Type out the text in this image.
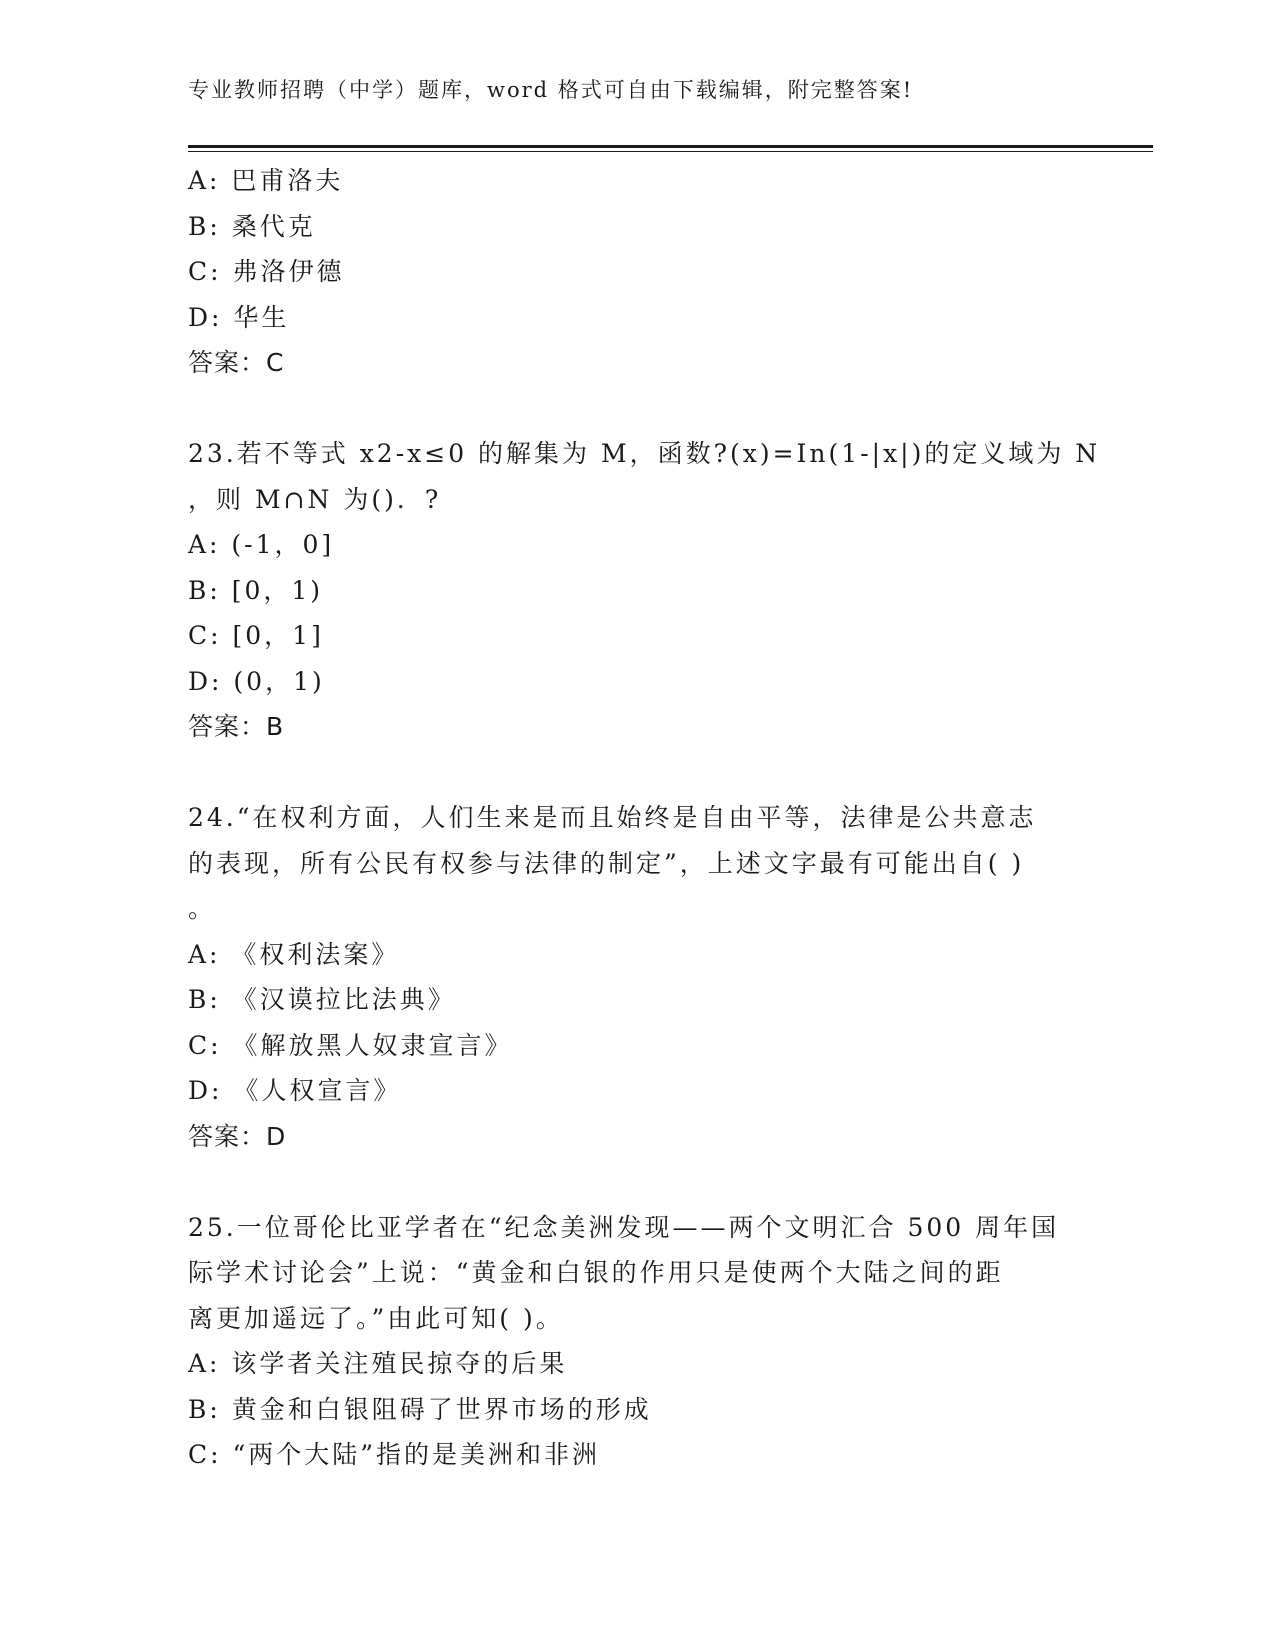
专业教师招聘（中学）题库，word 格式可自由下载编辑，附完整答案!
A: 巴甫洛夫
B: 桑代克
C: 弗洛伊德
D: 华生
答案：C
23.若不等式 x2-x≤0 的解集为 M，函数?(x)=In(1-|x|)的定义域为 N
，则 M∩N 为()．?
A: (-1，0]
B: [0，1)
C: [0，1]
D: (0，1)
答案：B
24.“在权利方面，人们生来是而且始终是自由平等，法律是公共意志
的表现，所有公民有权参与法律的制定”，上述文字最有可能出自( )
。
A: 《权利法案》
B: 《汉谟拉比法典》
C: 《解放黑人奴隶宣言》
D: 《人权宣言》
答案：D
25.一位哥伦比亚学者在“纪念美洲发现——两个文明汇合 500 周年国
际学术讨论会”上说：“黄金和白银的作用只是使两个大陆之间的距
离更加遥远了。”由此可知( )。
A: 该学者关注殖民掠夺的后果
B: 黄金和白银阻碍了世界市场的形成
C: “两个大陆”指的是美洲和非洲
